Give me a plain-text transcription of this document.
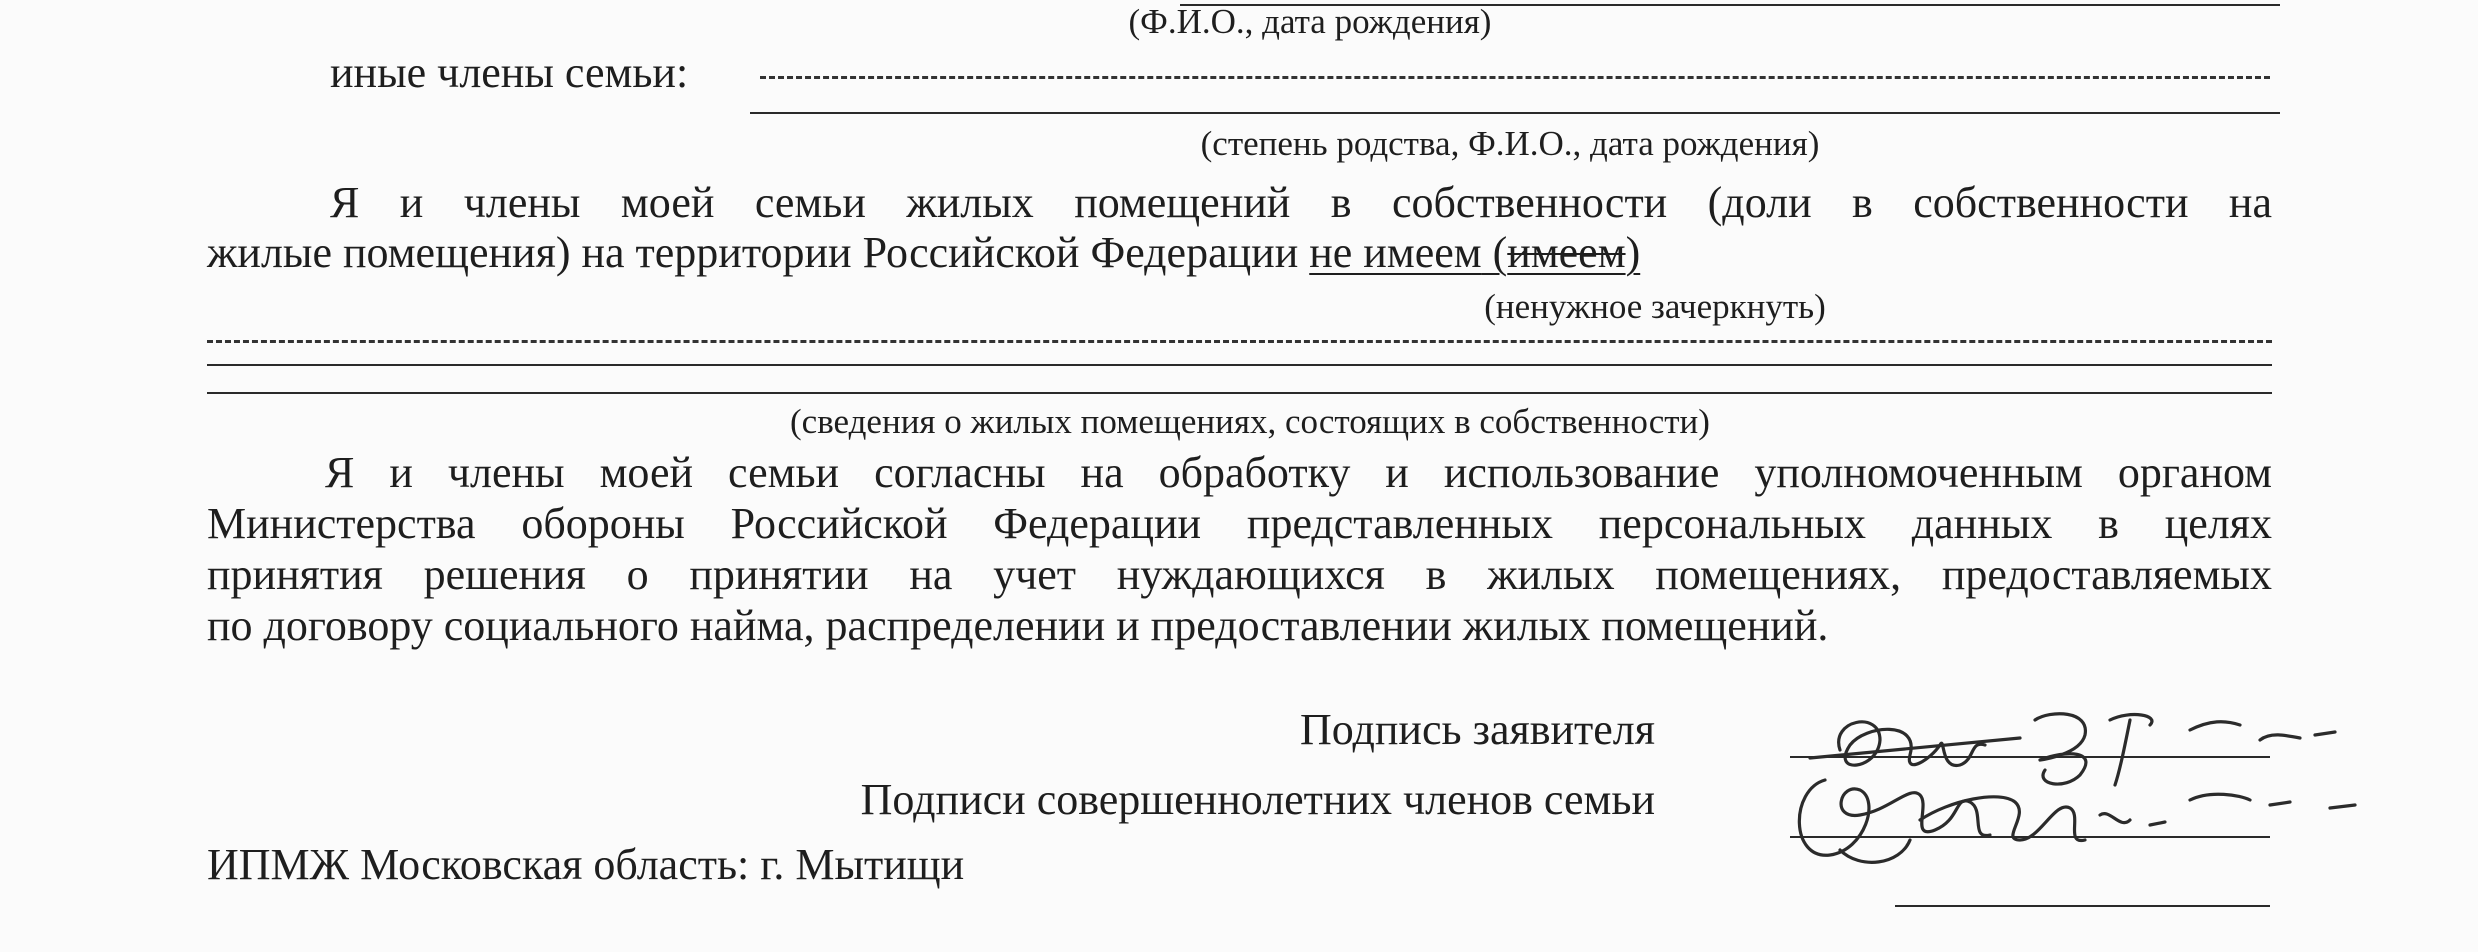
(Ф.И.О., дата рождения)
иные члены семьи:
(степень родства, Ф.И.О., дата рождения)
Я и члены моей семьи жилых помещений в собственности (доли в собственности на
жилые помещения) на территории Российской Федерации не имеем (имеем)
(ненужное зачеркнуть)
(сведения о жилых помещениях, состоящих в собственности)
Я и члены моей семьи согласны на обработку и использование уполномоченным органом
Министерства обороны Российской Федерации представленных персональных данных в целях
принятия решения о принятии на учет нуждающихся в жилых помещениях, предоставляемых
по договору социального найма, распределении и предоставлении жилых помещений.
Подпись заявителя
Подписи совершеннолетних членов семьи
ИПМЖ Московская область: г. Мытищи
